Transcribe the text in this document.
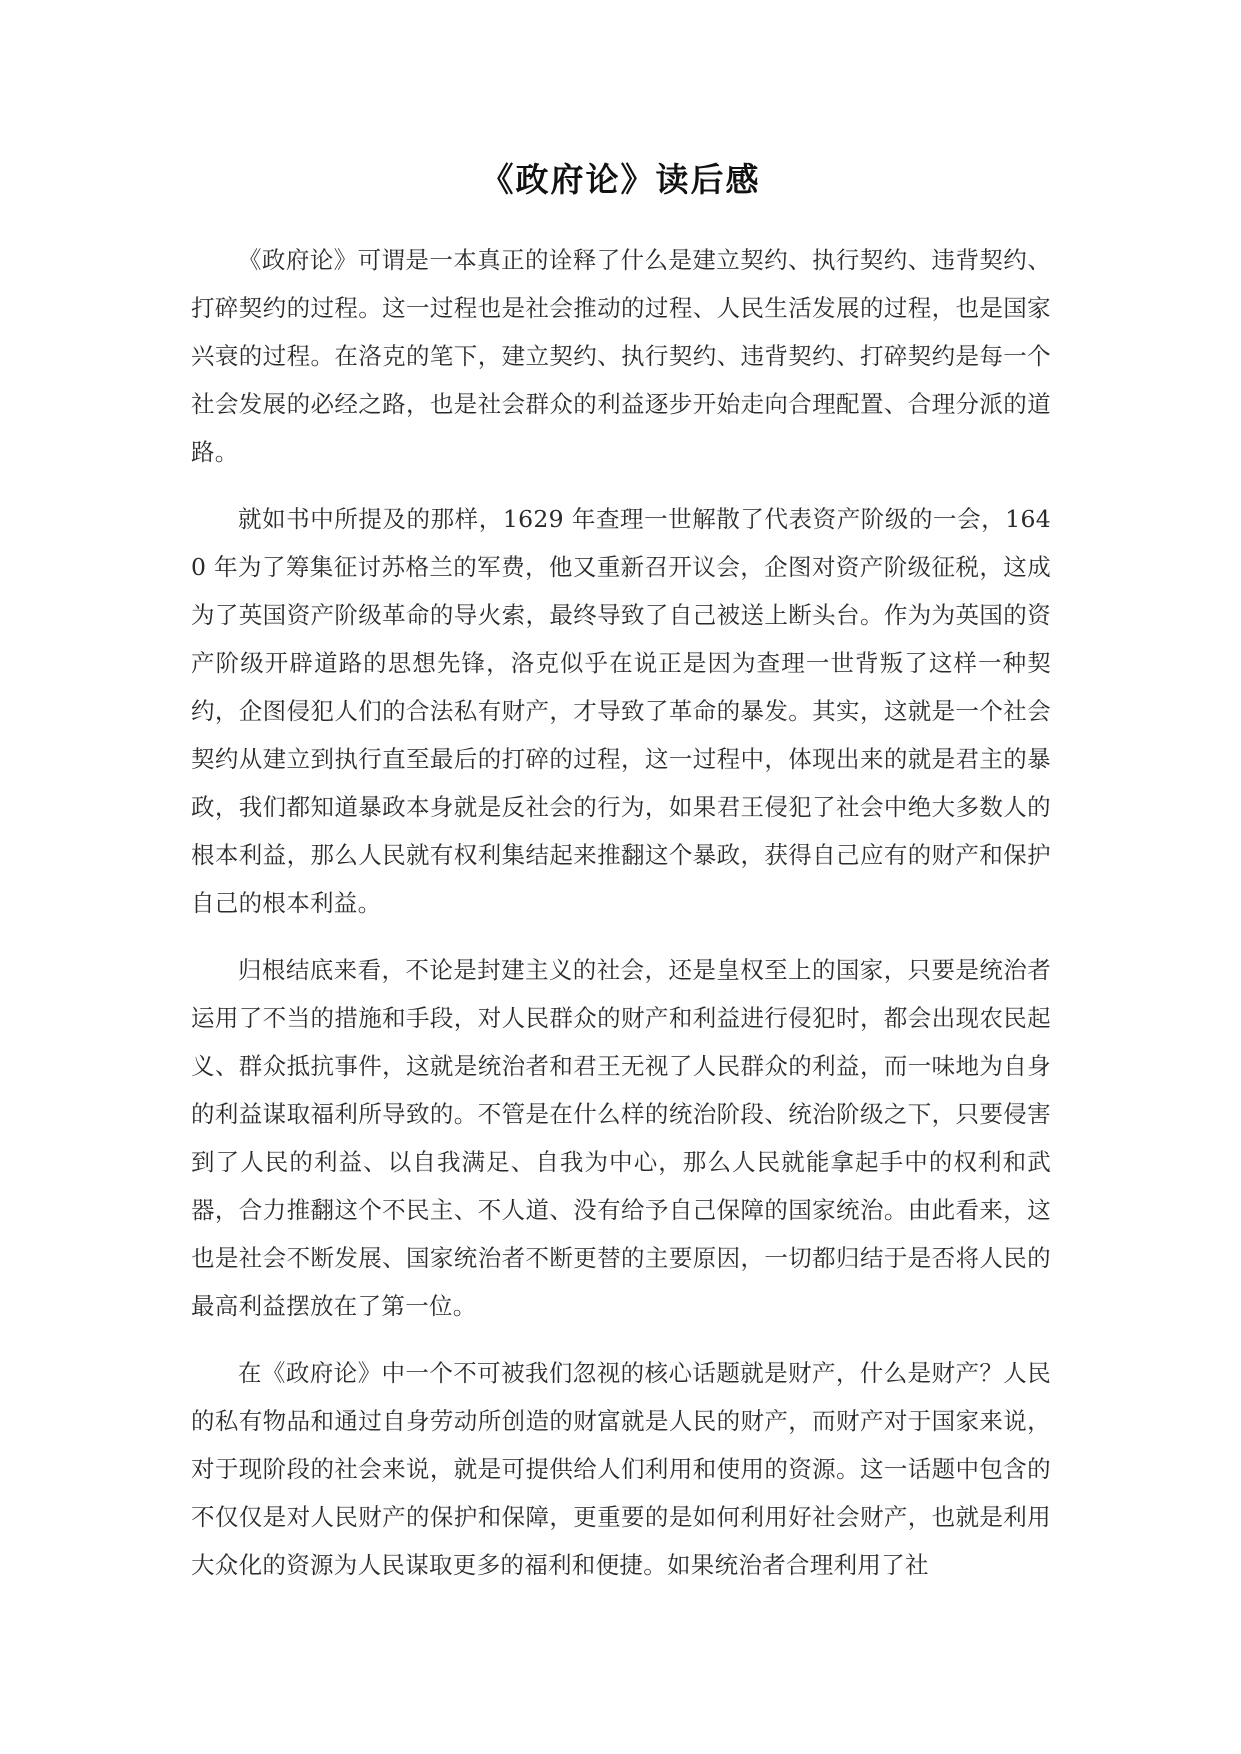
《政府论》读后感

《政府论》可谓是一本真正的诠释了什么是建立契约、执行契约、违背契约、打碎契约的过程。这一过程也是社会推动的过程、人民生活发展的过程，也是国家兴衰的过程。在洛克的笔下，建立契约、执行契约、违背契约、打碎契约是每一个社会发展的必经之路，也是社会群众的利益逐步开始走向合理配置、合理分派的道路。

就如书中所提及的那样，1629 年查理一世解散了代表资产阶级的一会，1640 年为了筹集征讨苏格兰的军费，他又重新召开议会，企图对资产阶级征税，这成为了英国资产阶级革命的导火索，最终导致了自己被送上断头台。作为为英国的资产阶级开辟道路的思想先锋，洛克似乎在说正是因为查理一世背叛了这样一种契约，企图侵犯人们的合法私有财产，才导致了革命的暴发。其实，这就是一个社会契约从建立到执行直至最后的打碎的过程，这一过程中，体现出来的就是君主的暴政，我们都知道暴政本身就是反社会的行为，如果君王侵犯了社会中绝大多数人的根本利益，那么人民就有权利集结起来推翻这个暴政，获得自己应有的财产和保护自己的根本利益。

归根结底来看，不论是封建主义的社会，还是皇权至上的国家，只要是统治者运用了不当的措施和手段，对人民群众的财产和利益进行侵犯时，都会出现农民起义、群众抵抗事件，这就是统治者和君王无视了人民群众的利益，而一味地为自身的利益谋取福利所导致的。不管是在什么样的统治阶段、统治阶级之下，只要侵害到了人民的利益、以自我满足、自我为中心，那么人民就能拿起手中的权利和武器，合力推翻这个不民主、不人道、没有给予自己保障的国家统治。由此看来，这也是社会不断发展、国家统治者不断更替的主要原因，一切都归结于是否将人民的最高利益摆放在了第一位。

在《政府论》中一个不可被我们忽视的核心话题就是财产，什么是财产？人民的私有物品和通过自身劳动所创造的财富就是人民的财产，而财产对于国家来说，对于现阶段的社会来说，就是可提供给人们利用和使用的资源。这一话题中包含的不仅仅是对人民财产的保护和保障，更重要的是如何利用好社会财产，也就是利用大众化的资源为人民谋取更多的福利和便捷。如果统治者合理利用了社
